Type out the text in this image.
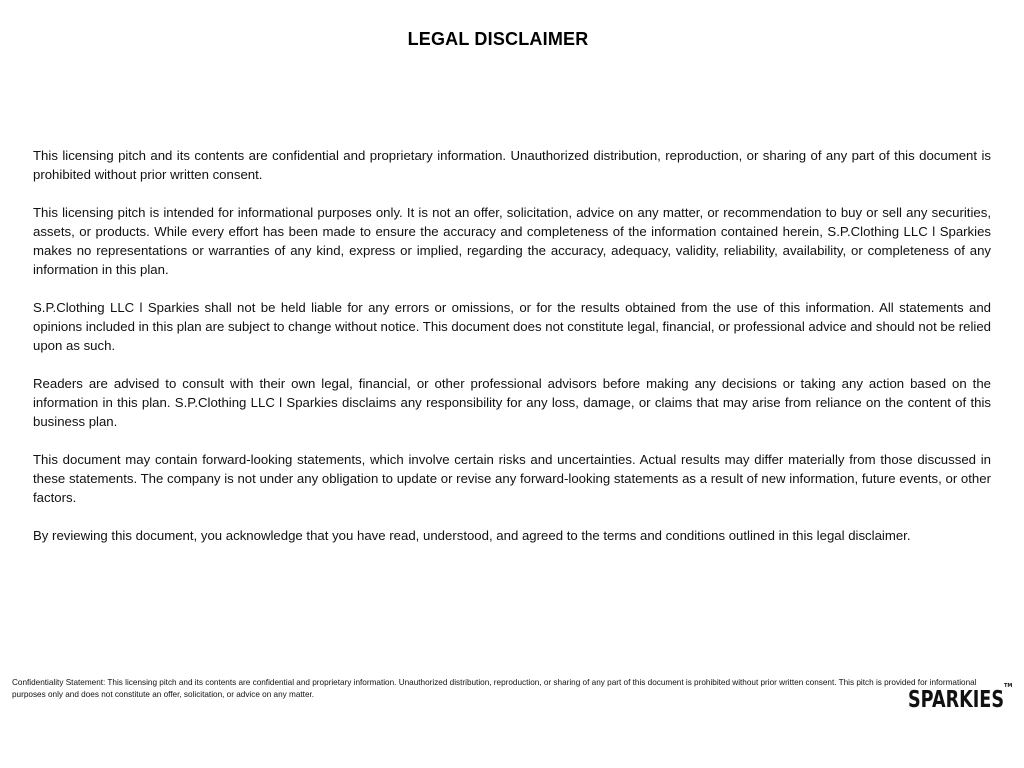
LEGAL DISCLAIMER

This licensing pitch and its contents are confidential and proprietary information. Unauthorized distribution, reproduction, or sharing of any part of this document is prohibited without prior written consent.

This licensing pitch is intended for informational purposes only. It is not an offer, solicitation, advice on any matter, or recommendation to buy or sell any securities, assets, or products. While every effort has been made to ensure the accuracy and completeness of the information contained herein, S.P.Clothing LLC l Sparkies makes no representations or warranties of any kind, express or implied, regarding the accuracy, adequacy, validity, reliability, availability, or completeness of any information in this plan.

S.P.Clothing LLC l Sparkies shall not be held liable for any errors or omissions, or for the results obtained from the use of this information. All statements and opinions included in this plan are subject to change without notice. This document does not constitute legal, financial, or professional advice and should not be relied upon as such.

Readers are advised to consult with their own legal, financial, or other professional advisors before making any decisions or taking any action based on the information in this plan. S.P.Clothing LLC l Sparkies disclaims any responsibility for any loss, damage, or claims that may arise from reliance on the content of this business plan.

This document may contain forward-looking statements, which involve certain risks and uncertainties. Actual results may differ materially from those discussed in these statements. The company is not under any obligation to update or revise any forward-looking statements as a result of new information, future events, or other factors.

By reviewing this document, you acknowledge that you have read, understood, and agreed to the terms and conditions outlined in this legal disclaimer.

Confidentiality Statement: This licensing pitch and its contents are confidential and proprietary information. Unauthorized distribution, reproduction, or sharing of any part of this document is prohibited without prior written consent. This pitch is provided for informational purposes only and does not constitute an offer, solicitation, or advice on any matter.	SPARKIES
TM
